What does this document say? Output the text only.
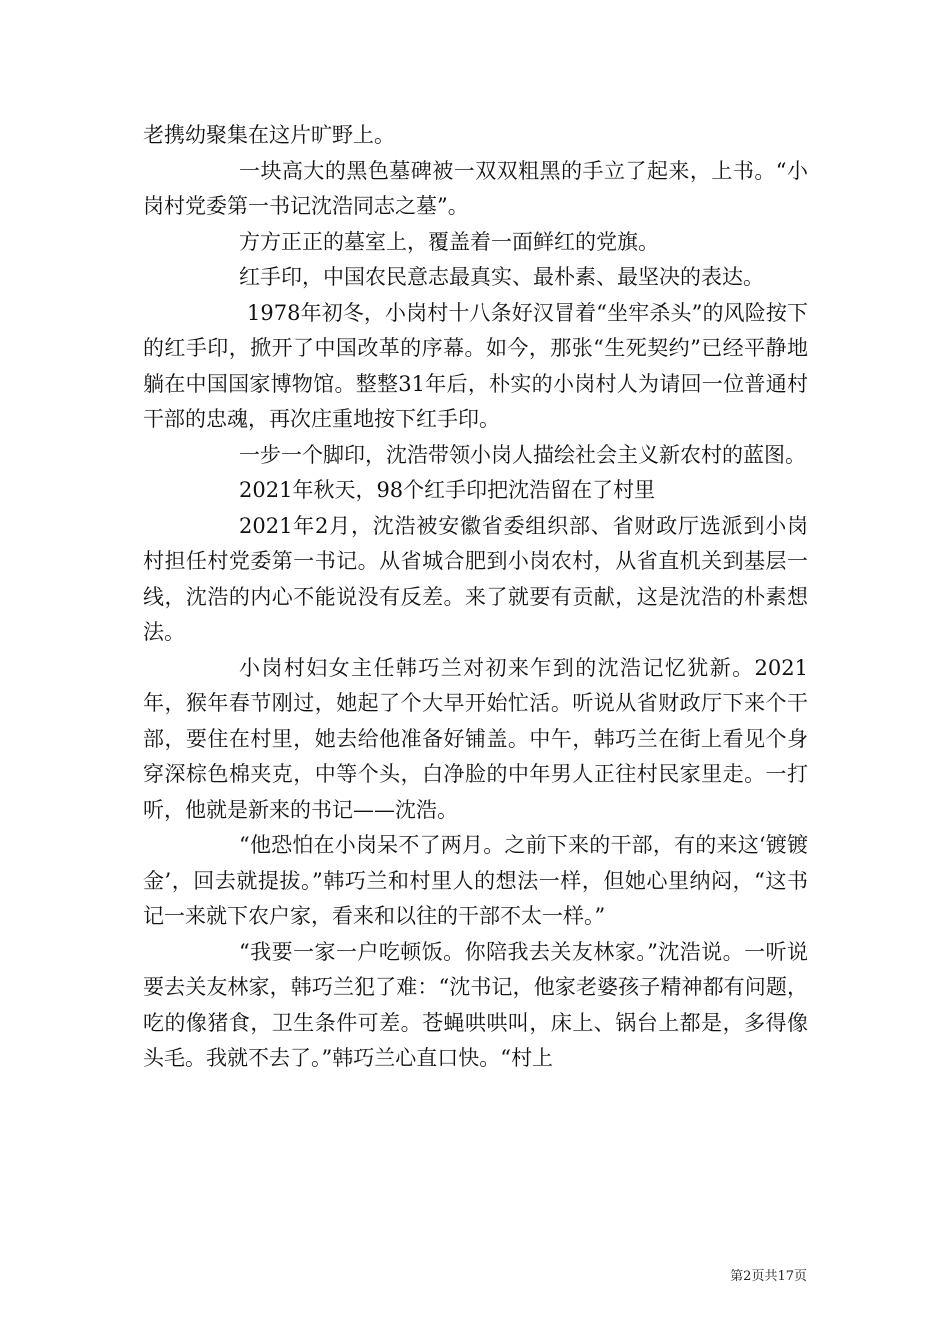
老携幼聚集在这片旷野上。

一块高大的黑色墓碑被一双双粗黑的手立了起来，上书。“小岗村党委第一书记沈浩同志之墓”。

方方正正的墓室上，覆盖着一面鲜红的党旗。

红手印，中国农民意志最真实、最朴素、最坚决的表达。

1978年初冬，小岗村十八条好汉冒着“坐牢杀头”的风险按下的红手印，掀开了中国改革的序幕。如今，那张“生死契约”已经平静地躺在中国国家博物馆。整整31年后，朴实的小岗村人为请回一位普通村干部的忠魂，再次庄重地按下红手印。

一步一个脚印，沈浩带领小岗人描绘社会主义新农村的蓝图。

2021年秋天，98个红手印把沈浩留在了村里

2021年2月，沈浩被安徽省委组织部、省财政厅选派到小岗村担任村党委第一书记。从省城合肥到小岗农村，从省直机关到基层一线，沈浩的内心不能说没有反差。来了就要有贡献，这是沈浩的朴素想法。

小岗村妇女主任韩巧兰对初来乍到的沈浩记忆犹新。2021年，猴年春节刚过，她起了个大早开始忙活。听说从省财政厅下来个干部，要住在村里，她去给他准备好铺盖。中午，韩巧兰在街上看见个身穿深棕色棉夹克，中等个头，白净脸的中年男人正往村民家里走。一打听，他就是新来的书记——沈浩。

“他恐怕在小岗呆不了两月。之前下来的干部，有的来这‘镀镀金’，回去就提拔。”韩巧兰和村里人的想法一样，但她心里纳闷，“这书记一来就下农户家，看来和以往的干部不太一样。”

“我要一家一户吃顿饭。你陪我去关友林家。”沈浩说。一听说要去关友林家，韩巧兰犯了难：“沈书记，他家老婆孩子精神都有问题，吃的像猪食，卫生条件可差。苍蝇哄哄叫，床上、锅台上都是，多得像头毛。我就不去了。”韩巧兰心直口快。“村上

第2页共17页
